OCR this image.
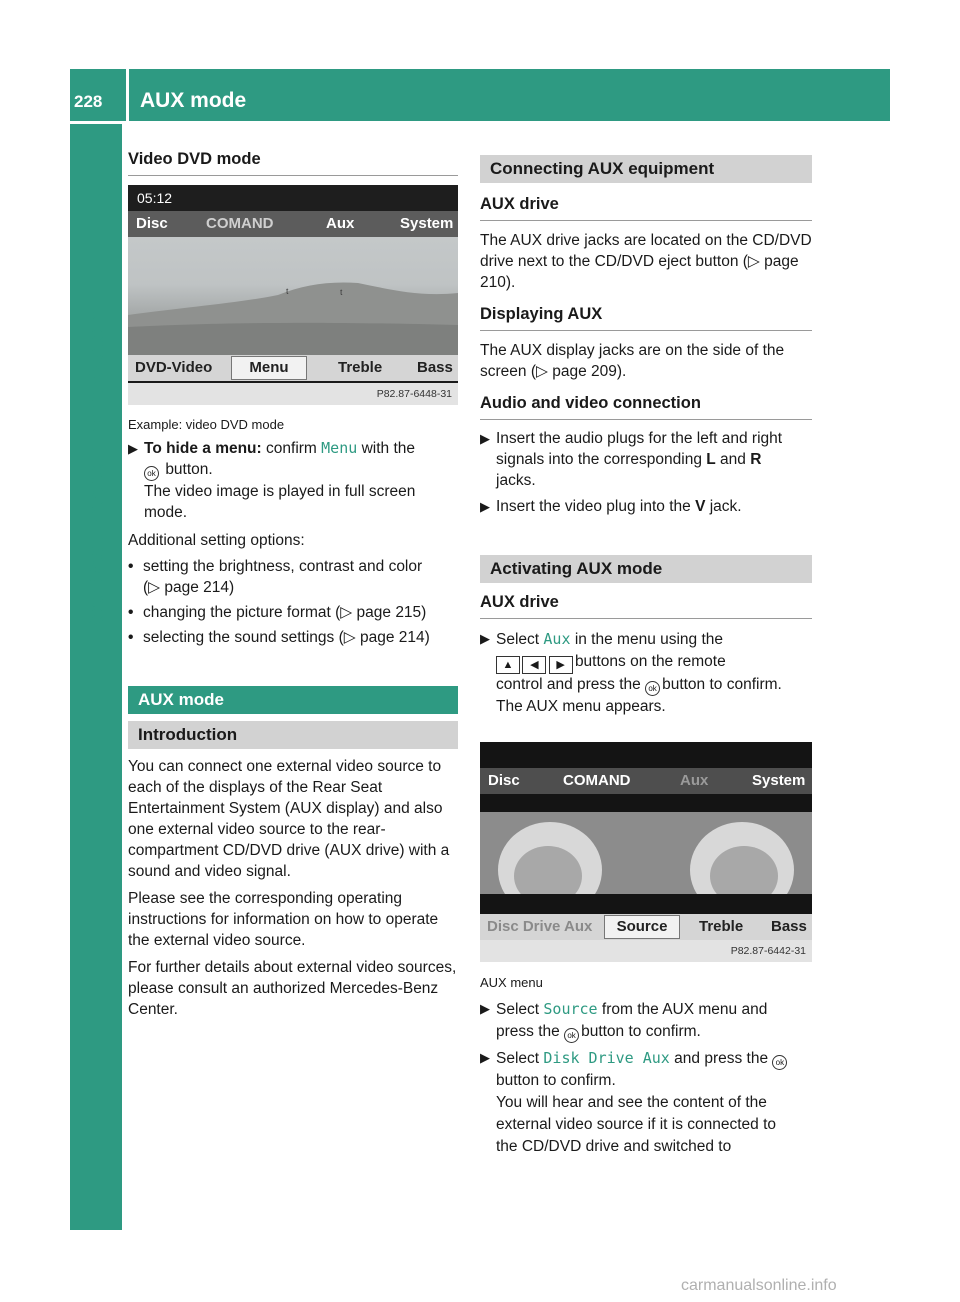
228	AUX mode
Rear Seat Entertainment System
Video DVD mode
05:12
Disc	COMAND	Aux	System
ᵗ	ᵗ
DVD-Video	Menu	Treble Bass
P82.87-6448-31
Example: video DVD mode
▶ To hide a menu: confirm Menu with the
ok button.
The video image is played in full screen
mode.

Additional setting options:

• setting the brightness, contrast and color
(▷ page 214)
• changing the picture format (▷ page 215)
• selecting the sound settings (▷ page 214)
AUX mode
Introduction

You can connect one external video source to each of the displays of the Rear Seat Entertainment System (AUX display) and also one external video source to the rear-compartment CD/DVD drive (AUX drive) with a sound and video signal.

Please see the corresponding operating instructions for information on how to operate the external video source.

For further details about external video sources, please consult an authorized Mercedes-Benz Center.

Connecting AUX equipment
AUX drive

The AUX drive jacks are located on the CD/DVD drive next to the CD/DVD eject button (▷ page 210).

Displaying AUX

The AUX display jacks are on the side of the screen (▷ page 209).

Audio and video connection
▶ Insert the audio plugs for the left and right signals into the corresponding L and R
jacks.
▶ Insert the video plug into the V jack.
Activating AUX mode
AUX drive
▶ Select Aux in the menu using the
▲ ◀ ▶ buttons on the remote
control and press the ok button to confirm.
The AUX menu appears.
Disc	COMAND	Aux	System
Disc Drive Aux	Source	Treble Bass
P82.87-6442-31
AUX menu
▶ Select Source from the AUX menu and
press the ok button to confirm.
▶ Select Disk Drive Aux and press the ok
button to confirm.
You will hear and see the content of the
external video source if it is connected to
the CD/DVD drive and switched to
carmanualsonline.info
